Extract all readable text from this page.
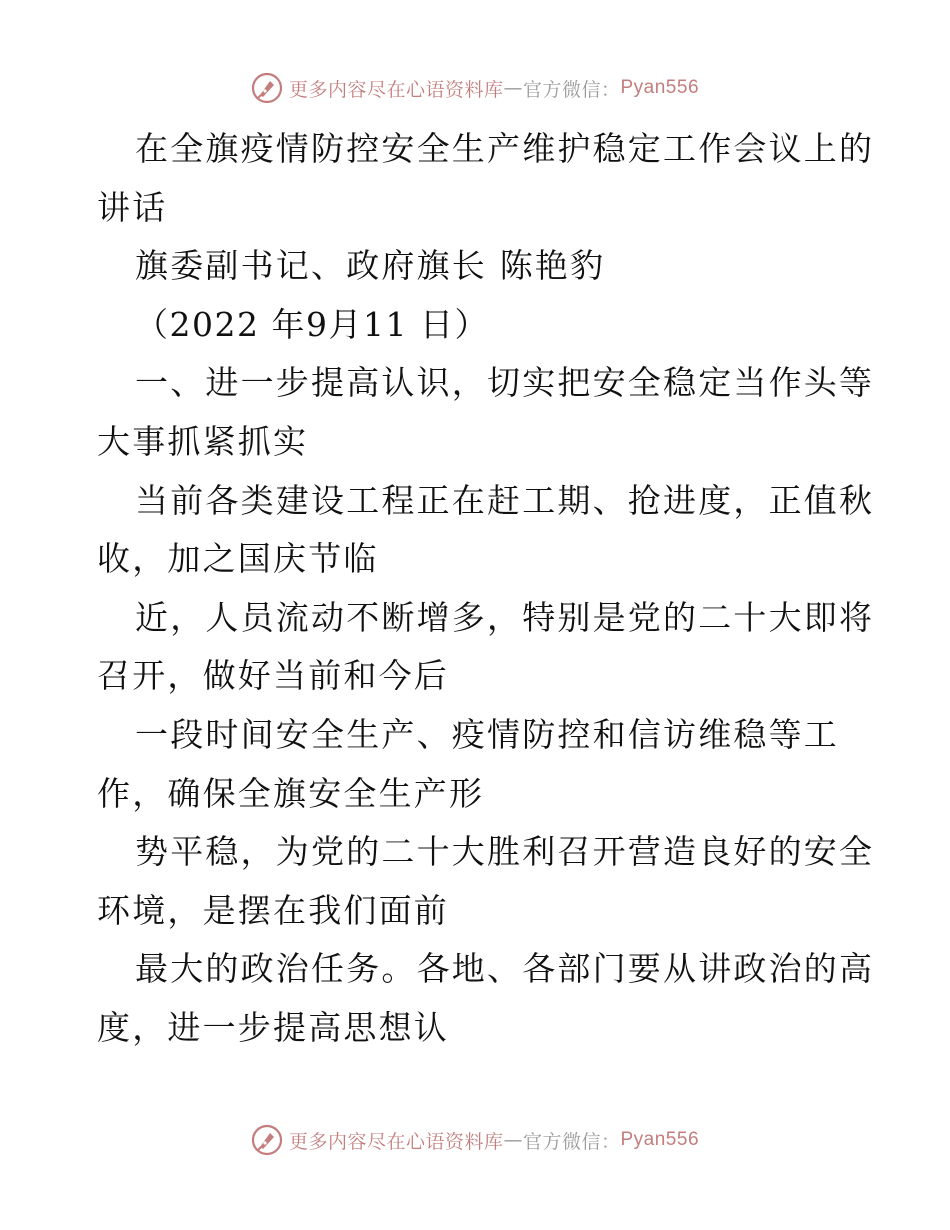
更多内容尽在心语资料库 — 官方微信： Pyan556
在全旗疫情防控安全生产维护稳定工作会议上的
讲话
旗委副书记、政府旗长 陈艳豹
（2022 年9月11 日）
一、进一步提高认识，切实把安全稳定当作头等
大事抓紧抓实
当前各类建设工程正在赶工期、抢进度，正值秋
收，加之国庆节临
近，人员流动不断增多，特别是党的二十大即将
召开，做好当前和今后
一段时间安全生产、疫情防控和信访维稳等工
作，确保全旗安全生产形
势平稳，为党的二十大胜利召开营造良好的安全
环境，是摆在我们面前
最大的政治任务。各地、各部门要从讲政治的高
度，进一步提高思想认
更多内容尽在心语资料库 — 官方微信： Pyan556
